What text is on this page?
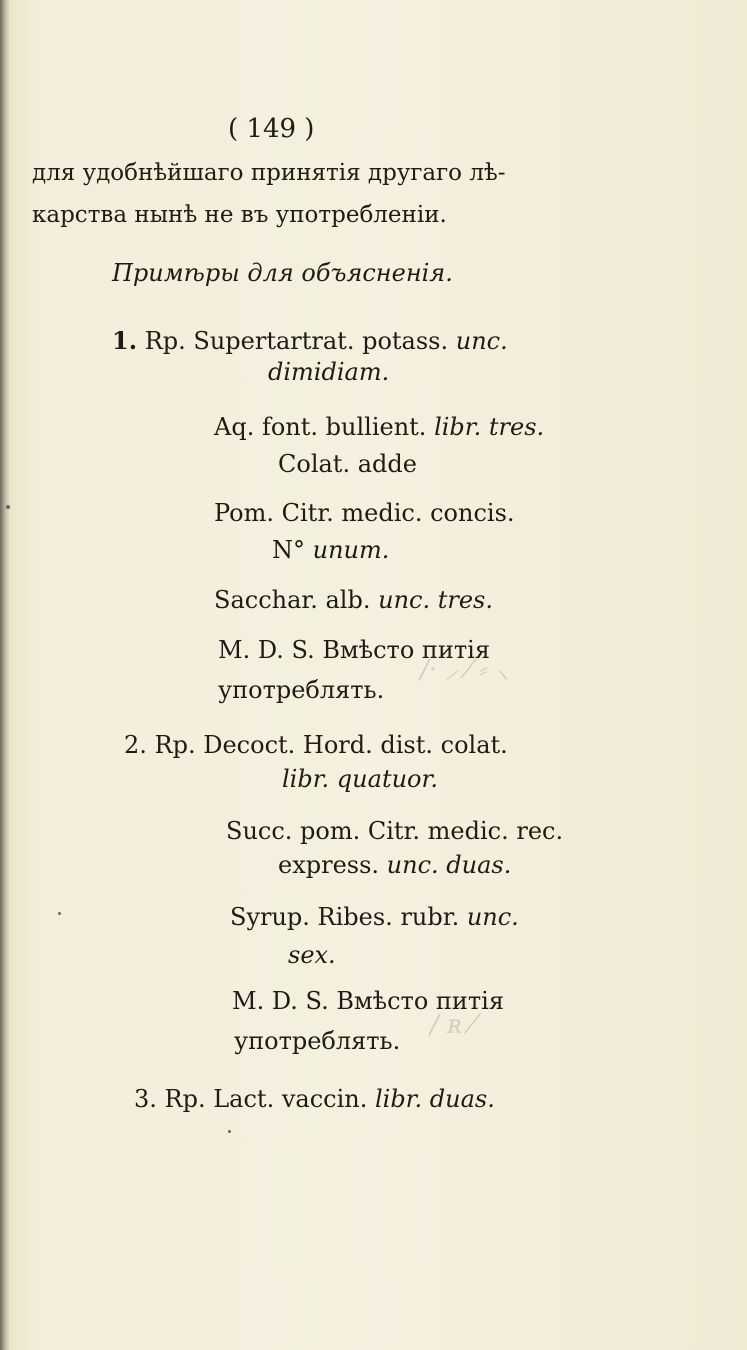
( 149 )
для удобнѣйшаго принятія другаго лѣ-
карства нынѣ не въ употребленіи.
Примѣры для объясненія.
1. Rp. Supertartrat. potass. unc.
dimidiam.
Aq. font. bullient. libr. tres.
Colat. adde
Pom. Citr. medic. concis.
N° unum.
Sacchar. alb. unc. tres.
M. D. S. Вмѣсто питія
употреблять.
2. Rp. Decoct. Hord. dist. colat.
libr. quatuor.
Succ. pom. Citr. medic. rec.
express. unc. duas.
Syrup. Ribes. rubr. unc.
sex.
M. D. S. Вмѣсто питія
употреблять.
3. Rp. Lact. vaccin. libr. duas.
/· ⸝ ⁄ ⸗ ⸜
/ ʀ ⁄
